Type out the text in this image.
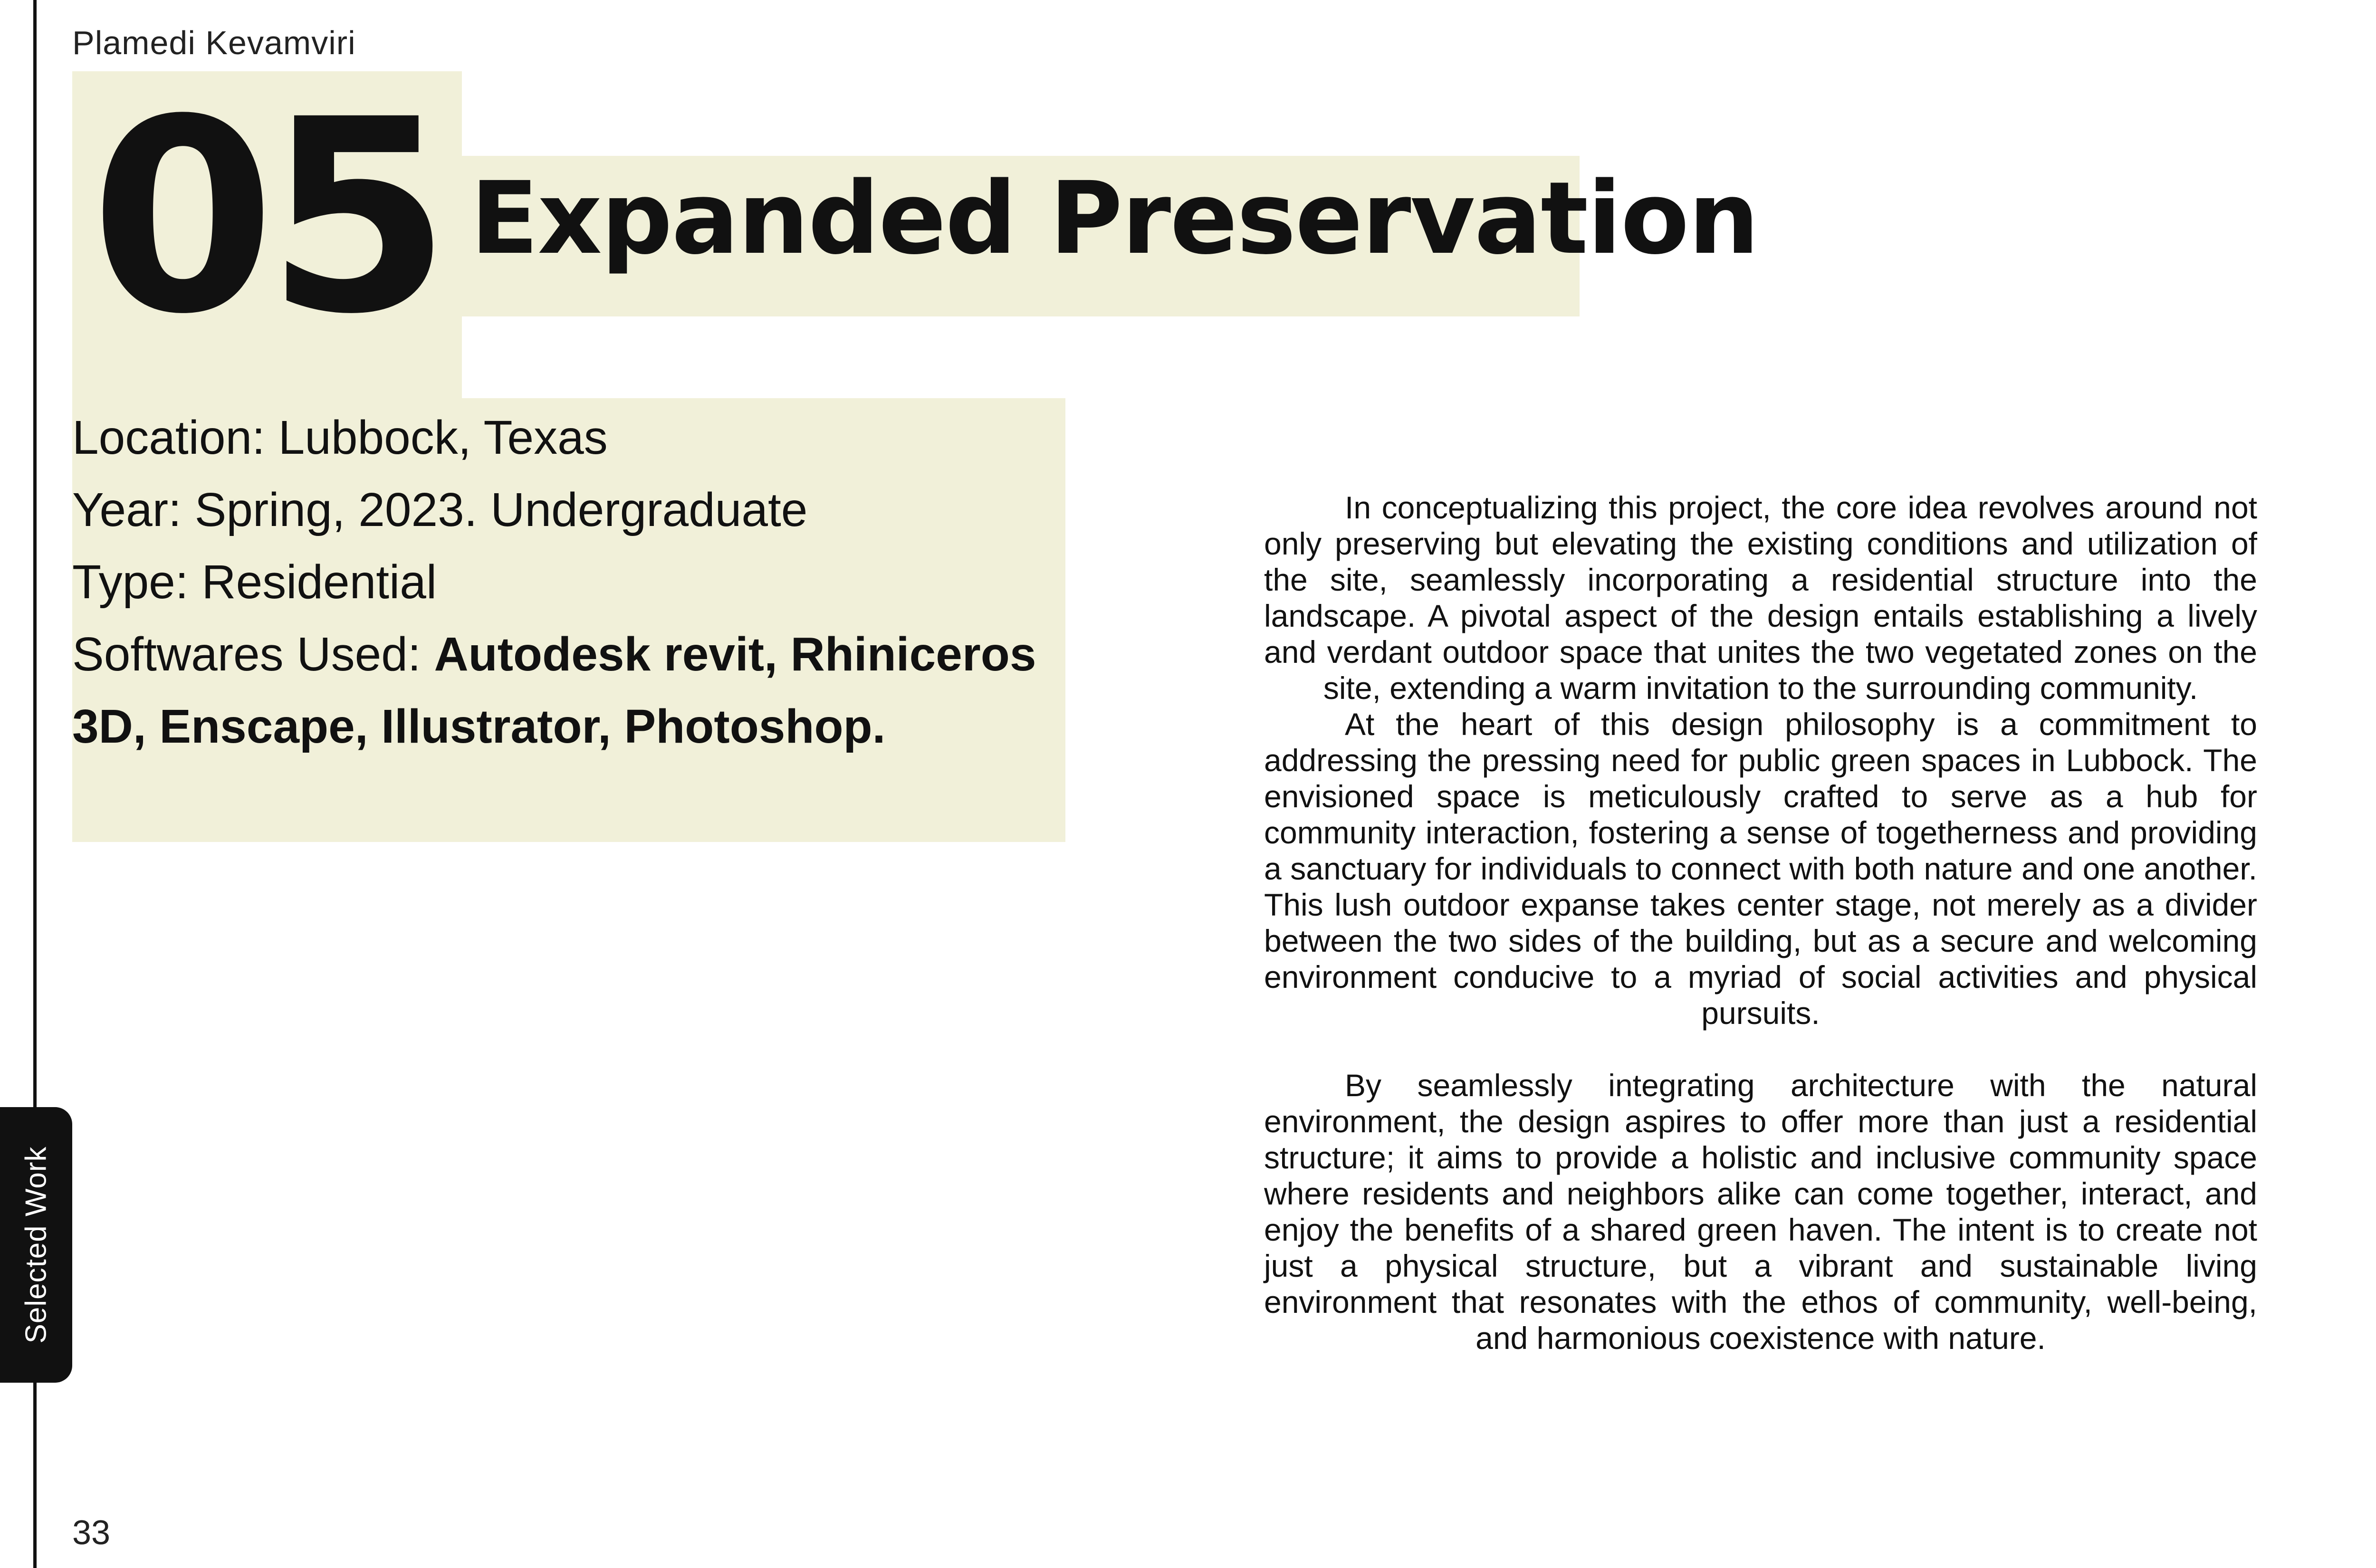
Plamedi Kevamviri
05 Expanded Preservation
Location: Lubbock, Texas
Year: Spring, 2023. Undergraduate
Type: Residential
Softwares Used: Autodesk revit, Rhiniceros
3D, Enscape, Illustrator, Photoshop.

In conceptualizing this project, the core idea revolves around not only preserving but elevating the existing conditions and utilization of the site, seamlessly incorporating a residential structure into the landscape. A pivotal aspect of the design entails establishing a lively and verdant outdoor space that unites the two vegetated zones on the site, extending a warm invitation to the surrounding community.

At the heart of this design philosophy is a commitment to addressing the pressing need for public green spaces in Lubbock. The envisioned space is meticulously crafted to serve as a hub for community interaction, fostering a sense of togetherness and providing a sanctuary for individuals to connect with both nature and one another. This lush outdoor expanse takes center stage, not merely as a divider between the two sides of the building, but as a secure and welcoming environment conducive to a myriad of social activities and physical pursuits.

By seamlessly integrating architecture with the natural environment, the design aspires to offer more than just a residential structure; it aims to provide a holistic and inclusive community space where residents and neighbors alike can come together, interact, and enjoy the benefits of a shared green haven. The intent is to create not just a physical structure, but a vibrant and sustainable living environment that resonates with the ethos of community, well-being, and harmonious coexistence with nature.

Selected Work
33
